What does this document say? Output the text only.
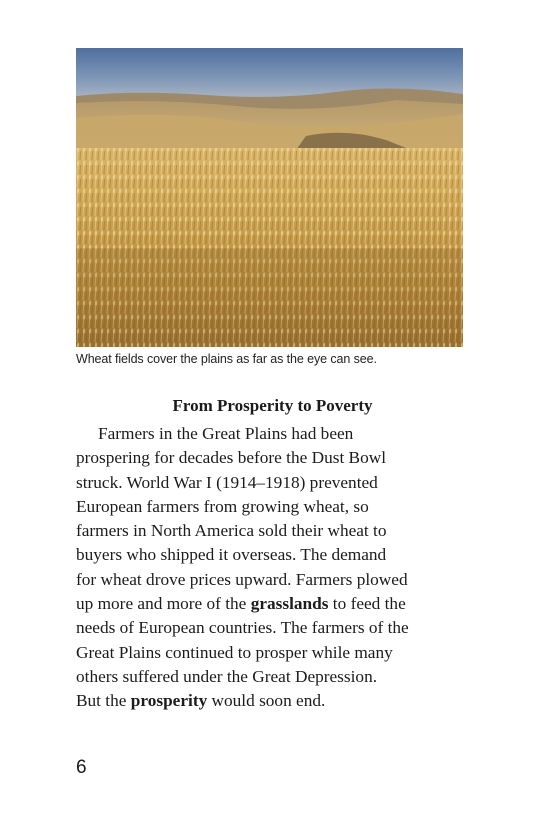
Wheat fields cover the plains as far as the eye can see.
From Prosperity to Poverty
Farmers in the Great Plains had been
prospering for decades before the Dust Bowl
struck. World War I (1914–1918) prevented
European farmers from growing wheat, so
farmers in North America sold their wheat to
buyers who shipped it overseas. The demand
for wheat drove prices upward. Farmers plowed
up more and more of the grasslands to feed the
needs of European countries. The farmers of the
Great Plains continued to prosper while many
others suffered under the Great Depression.
But the prosperity would soon end.
6
